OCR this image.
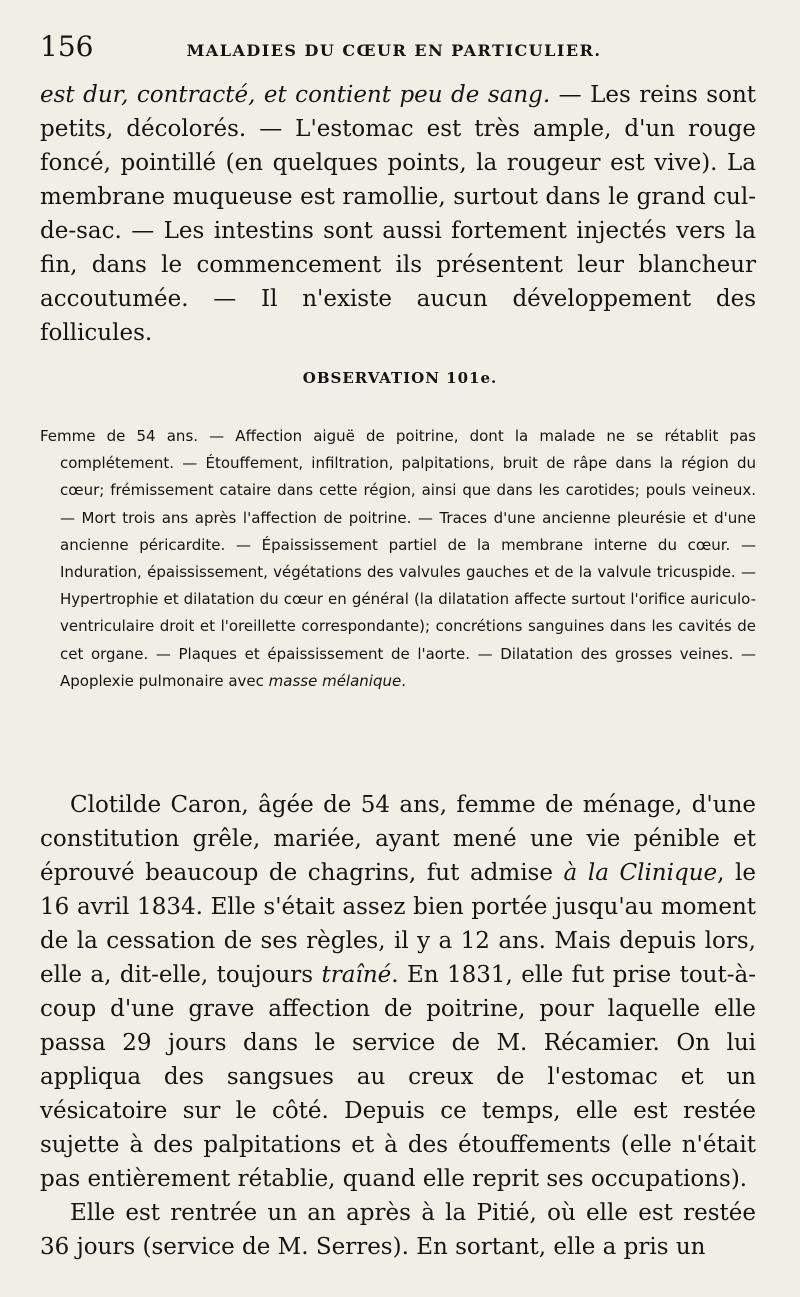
156	MALADIES DU CŒUR EN PARTICULIER.

est dur, contracté, et contient peu de sang. — Les reins sont petits, décolorés. — L'estomac est très ample, d'un rouge foncé, pointillé (en quelques points, la rougeur est vive). La membrane muqueuse est ramollie, surtout dans le grand cul-de-sac. — Les intestins sont aussi fortement injectés vers la fin, dans le commencement ils présentent leur blancheur accoutumée. — Il n'existe aucun développement des follicules.

OBSERVATION 101e.

Femme de 54 ans. — Affection aiguë de poitrine, dont la malade ne se rétablit pas complétement. — Étouffement, infiltration, palpitations, bruit de râpe dans la région du cœur; frémissement cataire dans cette région, ainsi que dans les carotides; pouls veineux. — Mort trois ans après l'affection de poitrine. — Traces d'une ancienne pleurésie et d'une ancienne péricardite. — Épaississement partiel de la membrane interne du cœur. — Induration, épaississement, végétations des valvules gauches et de la valvule tricuspide. — Hypertrophie et dilatation du cœur en général (la dilatation affecte surtout l'orifice auriculo-ventriculaire droit et l'oreillette correspondante); concrétions sanguines dans les cavités de cet organe. — Plaques et épaississement de l'aorte. — Dilatation des grosses veines. — Apoplexie pulmonaire avec masse mélanique.

Clotilde Caron, âgée de 54 ans, femme de ménage, d'une constitution grêle, mariée, ayant mené une vie pénible et éprouvé beaucoup de chagrins, fut admise à la Clinique, le 16 avril 1834. Elle s'était assez bien portée jusqu'au moment de la cessation de ses règles, il y a 12 ans. Mais depuis lors, elle a, dit-elle, toujours traîné. En 1831, elle fut prise tout-à-coup d'une grave affection de poitrine, pour laquelle elle passa 29 jours dans le service de M. Récamier. On lui appliqua des sangsues au creux de l'estomac et un vésicatoire sur le côté. Depuis ce temps, elle est restée sujette à des palpitations et à des étouffements (elle n'était pas entièrement rétablie, quand elle reprit ses occupations).

Elle est rentrée un an après à la Pitié, où elle est restée 36 jours (service de M. Serres). En sortant, elle a pris un
